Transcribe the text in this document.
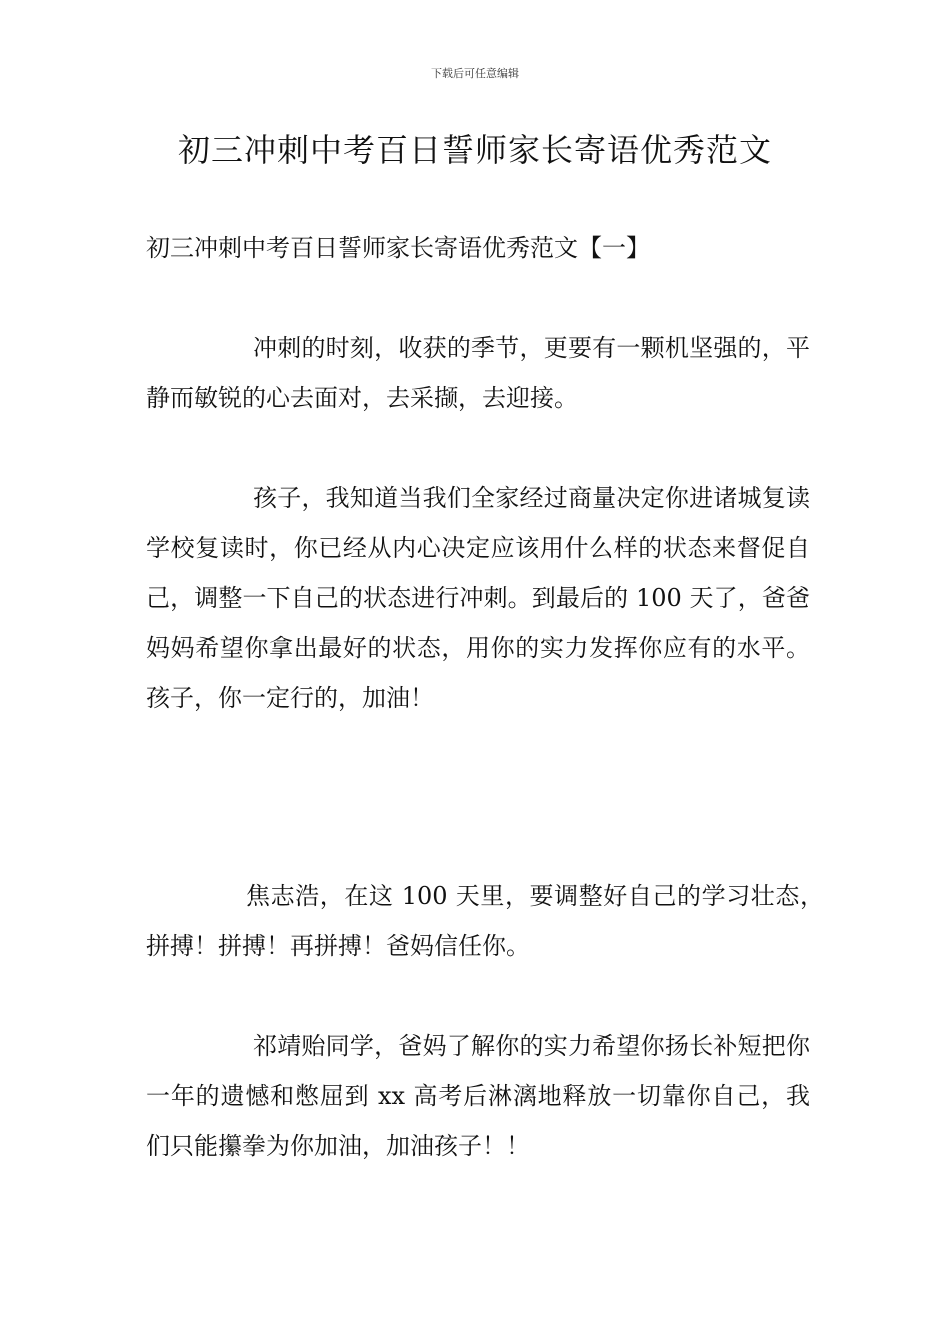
下载后可任意编辑
初三冲刺中考百日誓师家长寄语优秀范文
初三冲刺中考百日誓师家长寄语优秀范文【一】

冲刺的时刻，收获的季节，更要有一颗机坚强的，平静而敏锐的心去面对，去采撷，去迎接。

孩子，我知道当我们全家经过商量决定你进诸城复读学校复读时，你已经从内心决定应该用什么样的状态来督促自己，调整一下自己的状态进行冲刺。到最后的 100 天了，爸爸妈妈希望你拿出最好的状态，用你的实力发挥你应有的水平。孩子，你一定行的，加油！

焦志浩，在这 100 天里，要调整好自己的学习壮态，拼搏！拼搏！再拼搏！爸妈信任你。

祁靖贻同学，爸妈了解你的实力希望你扬长补短把你一年的遗憾和憋屈到 xx 高考后淋漓地释放一切靠你自己，我们只能攥拳为你加油，加油孩子！！
